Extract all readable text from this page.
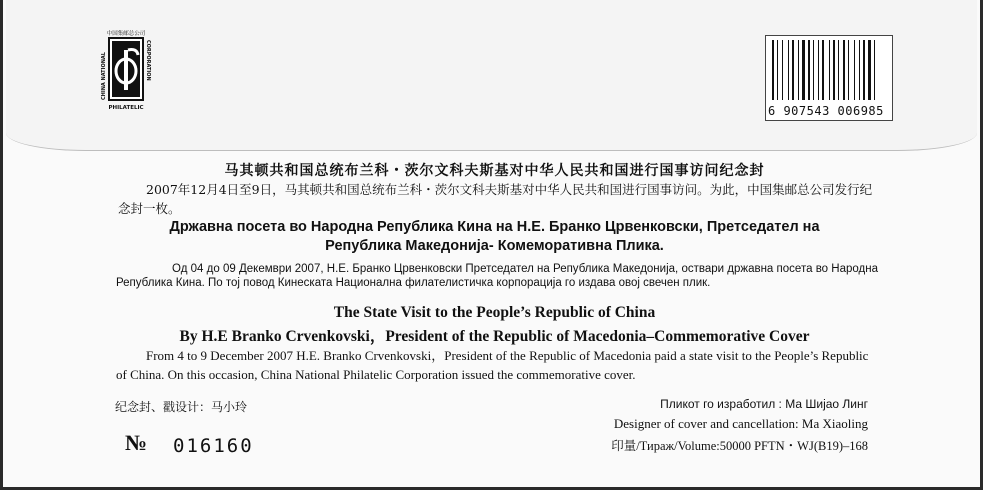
中国集邮总公司
CHINA NATIONAL	CORPORATION
PHILATELIC	6 907543 006985
马其顿共和国总统布兰科・茨尔文科夫斯基对中华人民共和国进行国事访问纪念封
2007年12月4日至9日，马其顿共和国总统布兰科・茨尔文科夫斯基对中华人民共和国进行国事访问。为此，中国集邮总公司发行纪念封一枚。
Државна посета во Народна Република Кина на Н.Е. Бранко Црвенковски, Претседател на
Република Македонија- Комеморативна Плика.
Од 04 до 09 Декември 2007, Н.Е. Бранко Црвенковски Претседател на Република Македонија, оствари државна посета во Народна Република Кина. По тој повод Кинеската Национална филателистичка корпорација го издава овој свечен плик.
The State Visit to the People’s Republic of China
By H.E Branko Crvenkovski，President of the Republic of Macedonia–Commemorative Cover
From 4 to 9 December 2007 H.E. Branko Crvenkovski，President of the Republic of Macedonia paid a state visit to the People’s Republic of China. On this occasion, China National Philatelic Corporation issued the commemorative cover.
纪念封、戳设计：马小玲	Пликот го изработил : Ма Шијао Линг
Designer of cover and cancellation: Ma Xiaoling
印量/Тираж/Volume:50000 PFTN・WJ(B19)–168
№ 016160
